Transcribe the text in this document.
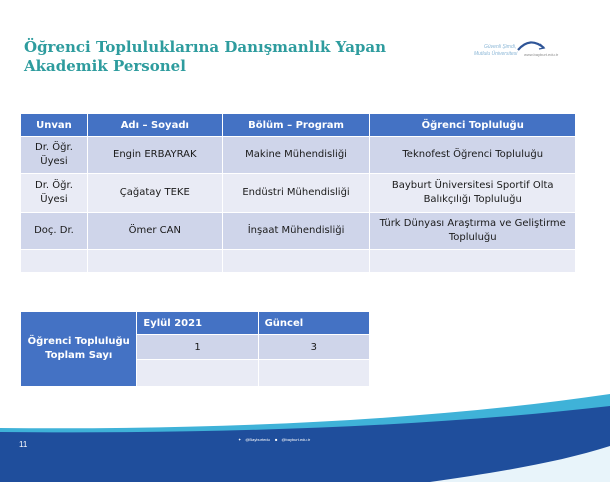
Öğrenci Topluluklarına Danışmanlık Yapan Akademik Personel
Güvenli Şimdi,
Mutlulu Üniversitesi www.bayburt.edu.tr
Unvan	Adı – Soyadı	Bölüm – Program	Öğrenci Topluluğu
Dr. Öğr. Üyesi	Engin ERBAYRAK	Makine Mühendisliği	Teknofest Öğrenci Topluluğu
Dr. Öğr. Üyesi	Çağatay TEKE	Endüstri Mühendisliği	Bayburt Üniversitesi Sportif Olta Balıkçılığı Topluluğu
Doç. Dr.	Ömer CAN	İnşaat Mühendisliği	Türk Dünyası Araştırma ve Geliştirme Topluluğu

Öğrenci Topluluğu Toplam Sayı	Eylül 2021	Güncel
	1	3

11
✦ @Bayburtedu ■ @bayburt.edu.tr
